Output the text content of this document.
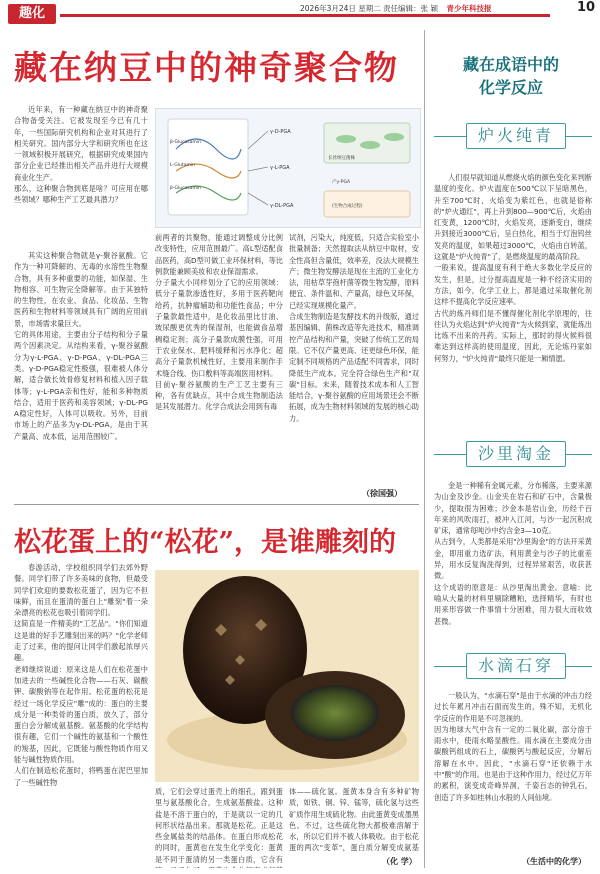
趣化	2026年3月24日 星期二 责任编辑：张 颖 青少年科技报	10
藏在纳豆中的神奇聚合物
近年来，有一种藏在纳豆中的神奇聚合物备受关注。它被发现至今已有几十年，一些国际研究机构和企业对其进行了相关研究。国内部分大学和研究所也在这一领域积极开展研究，根据研究成果国内部分企业已经推出相关产品并进行大规模商业化生产。
那么，这种聚合物到底是啥？可应用在哪些领域？哪种生产工艺最具潜力？
其实这种聚合物就是γ-聚谷氨酸。它作为一种可降解的、无毒的水溶性生物聚合物，具有多种重要的功能，如保湿、生物相容、可生物完全降解等。由于其独特的生物性，在农业、食品、化妆品、生物医药和生物材料等领域具有广阔的应用前景，市场需求量巨大。
它的具体用途，主要由分子结构和分子量两个因素决定。从结构来看，γ-聚谷氨酸分为γ-L-PGA、γ-D-PGA、γ-DL-PGA三类。γ-D-PGA稳定性极强，很难被人体分解，适合做长效骨修复材料和植入因子载体等；γ-L-PGA亲和性好，能和多种物质结合，适用于医药和美容领域；γ-DL-PGA稳定性好，人体可以吸收。另外，目前市场上的产品多为γ-DL-PGA，是由于其产量高、成本低，运用范围较广。
β-Glucosamin
L-Glutamin
β-Glucosamin
γ-D-PGA
γ-L-PGA
γ-DL-PGA
长丝纳豆菌株
产γ-PGA
(生物合成过程)
前两者的共聚物，能通过调整成分比例改变特性，应用范围最广。高L型适配食品医药，高D型可做工业环保材料，等比例款能兼顾美妆和农业保湿需求。
分子量大小同样划分了它的应用领域：低分子量款渗透性好，多用于医药靶向给药，抗肿瘤辅助和功能性食品；中分子量款最性适中，是化妆品里比甘油、玻尿酸更优秀的保湿剂，也能做食品增稠稳定剂；高分子量款成膜性强，可用于农业保水、肥料缓释和污水净化；超高分子量款机械性好，主要用来制作手术缝合线、伤口敷料等高端医用材料。
目前γ-聚谷氨酸的生产工艺主要有三种，各有优缺点，其中合成生物制造法是其发展潜力。化学合成法会用到有毒
试剂，污染大，纯度低，只适合实验室小批量制备；天然提取法从纳豆中取材，安全性高但含量低，效率差，没法大规模生产；微生物发酵法是现在主流的工业化方法，用枯草芽孢杆菌等微生物发酵，原料便宜、条件温和、产量高，绿色又环保，已经实现规模化量产。
合成生物制造是发酵技术的升级版，通过基因编辑、菌株改造等先进技术，精准调控产品结构和产量，突破了传统工艺的局限。它不仅产量更高、还更绿色环保，能定制不同规格的产品适配不同需求，同时降低生产成本。完全符合绿色生产和"双碳"目标。未来，随着技术成本和人工智能结合，γ-聚谷氨酸的应用场景还会不断拓展，成为生物材料领域的发展的核心助力。
（徐国强）
松花蛋上的“松花”，是谁雕刻的
春游活动，学校组织同学们去郊外野餐。同学们带了许多美味的食物，但最受同学们欢迎的要数松花蛋了，因为它不但味鲜，而且在蛋清的蛋白上"雕刻"着一朵朵漂亮的松花也吸引着同学们。
这简直是一件精美的"工艺品"。"你们知道这是谁的好手艺雕刻出来的吗？"化学老师走了过来，他的提问让同学们激起浓厚兴趣。
老师继续说道：原来这是人们在松花蛋中加进去的一些碱性化合物——石灰、碳酸钾、碳酸钠等在起作用。松花蛋的松花是经过一场化学反应"雕"成的：蛋白的主要成分是一种类骨的蛋白质，放久了，部分蛋白会分解成氨基酸。氨基酸的化学结构很有趣，它们一个碱性的氨基和一个酸性的羧基，因此，它既能与酸性物质作用又能与碱性物质作用。
人们在制造松花蛋时，将鸭蛋在泥巴里加了一些碱性物
质，它们会穿过蛋壳上的细孔，跟到蛋里与氨基酸化合，生成氨基酸盐。这种盐是不溶于蛋白的，于是就以一定的几何形状结晶出来。那就是松花。正是这些金属盐类的结晶体。在蛋白形成松花的同时，蛋黄也在发生化学变化：蛋黄是不同于蛋清的另一类蛋白质，它含有
体——硫化氢。蛋黄本身含有多种矿物质，如铁、铜、锌、锰等，硫化氢与这些矿质作用生成硫化物。由此蛋黄变成墨黑色。不过，这些硫化物大都极难溶解于水，所以它们并不被人体吸收。由于松花蛋的两次"变革"，蛋白质分解变成氨基
（化 学）
藏在成语中的
化学反应
炉火纯青
人们很早就知道从燃烧火焰的颜色变化来判断温度的变化。炉火温度在500℃以下呈暗黑色，升至700℃时，火焰变为紫红色，也就是俗称的"炉火通红"，再上升到800—900℃后，火焰由红变黄，1200℃时，火焰发亮，逐渐变白，继续升到接近3000℃后，呈白热化，相当于灯泡钨丝发亮的温度，如果超过3000℃，火焰由白转蓝，这就是"炉火纯青"了，是燃烧温度的最高阶段。
一般来说，提高温度有利于绝大多数化学反应的发生，但是，过分提高温度是一种不经济实用的方法，如今，化学工业上，都是通过采取催化剂这样不提高化学反应速率。
古代的炼丹师们是不懂得催化剂化学原理的，往往认为火焰达到"炉火纯青"为火候到家，就能炼出比炼不出来的丹药。实际上，那时的得火候料很难达到这样高的使用温度，因此，无论炼丹家如何努力，"炉火纯青"最终只能是一厢情愿。
沙里淘金
金是一种稀有金属元素，分布稀落，主要来源为山金及沙金。山金夹在岩石和矿石中，含量极少，提取很为困难；沙金本是岩山金，历经千百年来的风吹雨打，被冲入江河，与沙一起沉积成矿床，通常每吨沙中约含金3—10克。
从古到今，人类都是采用"沙里淘金"的方法开采黄金，即用重力选矿法，利用黄金与沙子的比重差异，用水反复淘洗得到，过程异常艰苦，收获甚微。
这个成语的原意是：从沙里淘出黄金。意喻：比喻从大量的材料里剔除糟粕，选择精华，有时也用来形容做一件事情十分困难，用力很大而收效甚微。
水滴石穿
一般认为，"水滴石穿"是由于水滴的冲击力经过长年累月冲击石面而发生的，殊不知，无机化学反应的作用是不可忽视的。
因为地球大气中含有一定的二氧化碳，部分溶于雨水中，使雨水略显酸性。雨水滴在主要成分由碳酸钙组成的石上，碳酸钙与酸起反应，分解后溶解在水中。因此，"水滴石穿"还依赖于水中"酸"的作用。也是由于这种作用力，经过亿万年的累积，演变成奇峰异洞，千姿百态的钟乳石，创造了许多如桂林山水般的人间仙境。
（生活中的化学）
